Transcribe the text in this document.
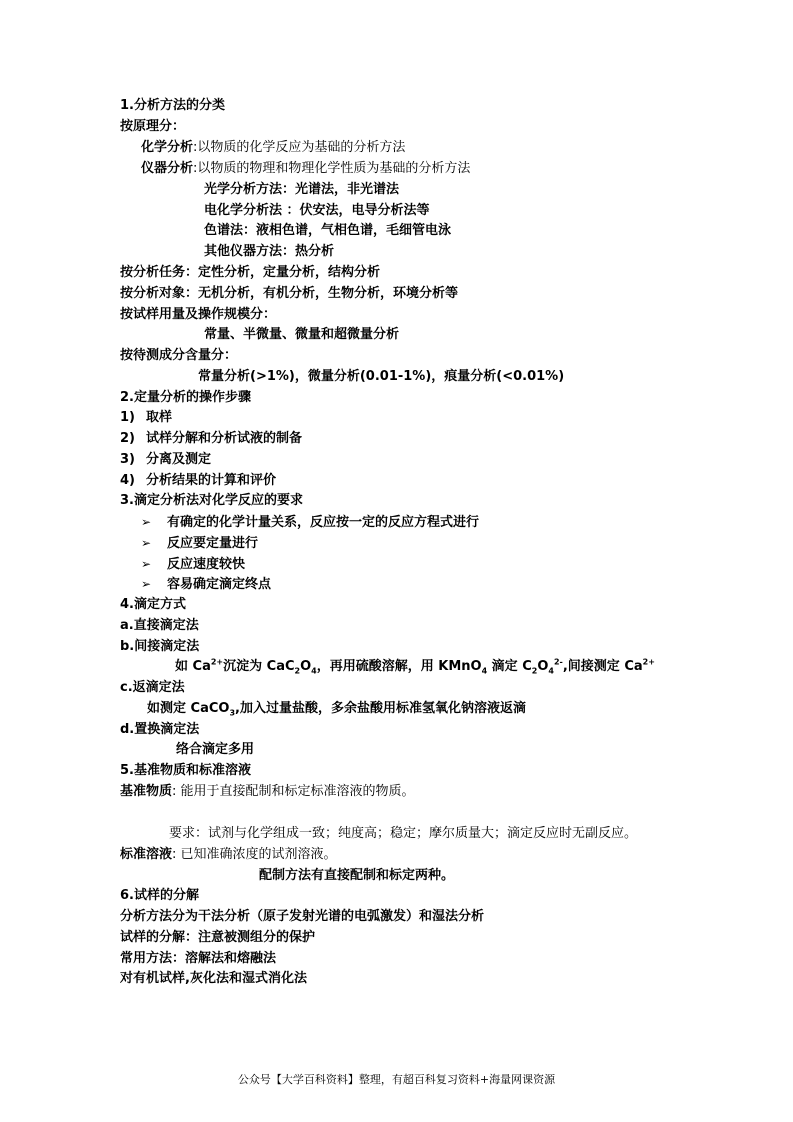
1.分析方法的分类
按原理分：
化学分析:以物质的化学反应为基础的分析方法
仪器分析:以物质的物理和物理化学性质为基础的分析方法
光学分析方法：光谱法，非光谱法
电化学分析法 ：伏安法，电导分析法等
色谱法：液相色谱，气相色谱，毛细管电泳
其他仪器方法：热分析
按分析任务：定性分析，定量分析，结构分析
按分析对象：无机分析，有机分析，生物分析，环境分析等
按试样用量及操作规模分：
常量、半微量、微量和超微量分析
按待测成分含量分：
常量分析(>1%)，微量分析(0.01-1%)，痕量分析(<0.01%)
2.定量分析的操作步骤
1) 取样
2) 试样分解和分析试液的制备
3) 分离及测定
4) 分析结果的计算和评价
3.滴定分析法对化学反应的要求
➢ 有确定的化学计量关系，反应按一定的反应方程式进行
➢ 反应要定量进行
➢ 反应速度较快
➢ 容易确定滴定终点
4.滴定方式
a.直接滴定法
b.间接滴定法
如 $Ca^{2+}$沉淀为 $CaC_2O_4$，再用硫酸溶解，用 KMnO$_4$ 滴定 $C_2O_4^{2-}$,间接测定 $Ca^{2+}$
c.返滴定法
如测定 CaCO$_3$,加入过量盐酸，多余盐酸用标准氢氧化钠溶液返滴
d.置换滴定法
络合滴定多用
5.基准物质和标准溶液
基准物质: 能用于直接配制和标定标准溶液的物质。
要求：试剂与化学组成一致；纯度高；稳定；摩尔质量大；滴定反应时无副反应。
标准溶液: 已知准确浓度的试剂溶液。
配制方法有直接配制和标定两种。
6.试样的分解
分析方法分为干法分析（原子发射光谱的电弧激发）和湿法分析
试样的分解：注意被测组分的保护
常用方法：溶解法和熔融法
对有机试样,灰化法和湿式消化法
公众号【大学百科资料】整理，有超百科复习资料+海量网课资源
